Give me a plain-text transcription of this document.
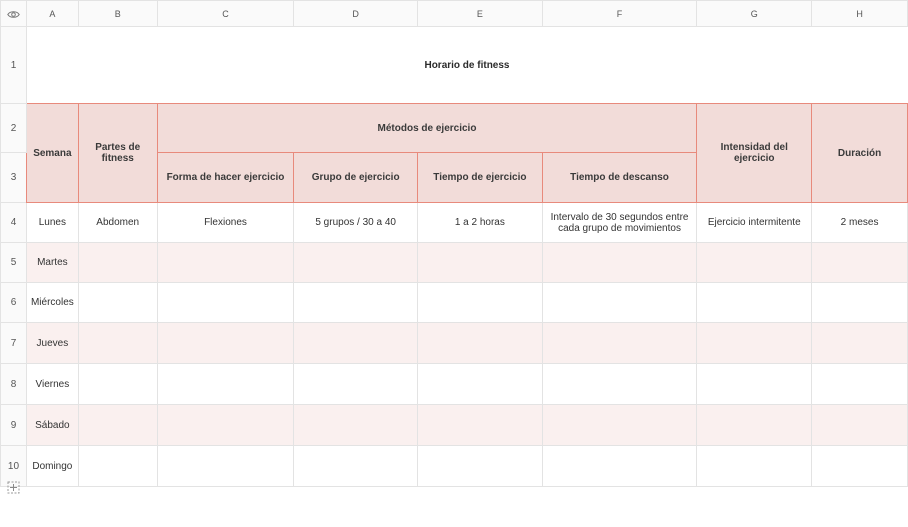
	A	B	C	D	E	F	G	H
1	Horario de fitness							
2	Semana	Partes de fitness	Métodos de ejercicio				Intensidad del ejercicio	Duración
3			Forma de hacer ejercicio	Grupo de ejercicio	Tiempo de ejercicio	Tiempo de descanso		
4	Lunes	Abdomen	Flexiones	5 grupos / 30 a 40	1 a 2 horas	Intervalo de 30 segundos entre cada grupo de movimientos	Ejercicio intermitente	2 meses
5	Martes							
6	Miércoles							
7	Jueves							
8	Viernes							
9	Sábado							
10	Domingo							
